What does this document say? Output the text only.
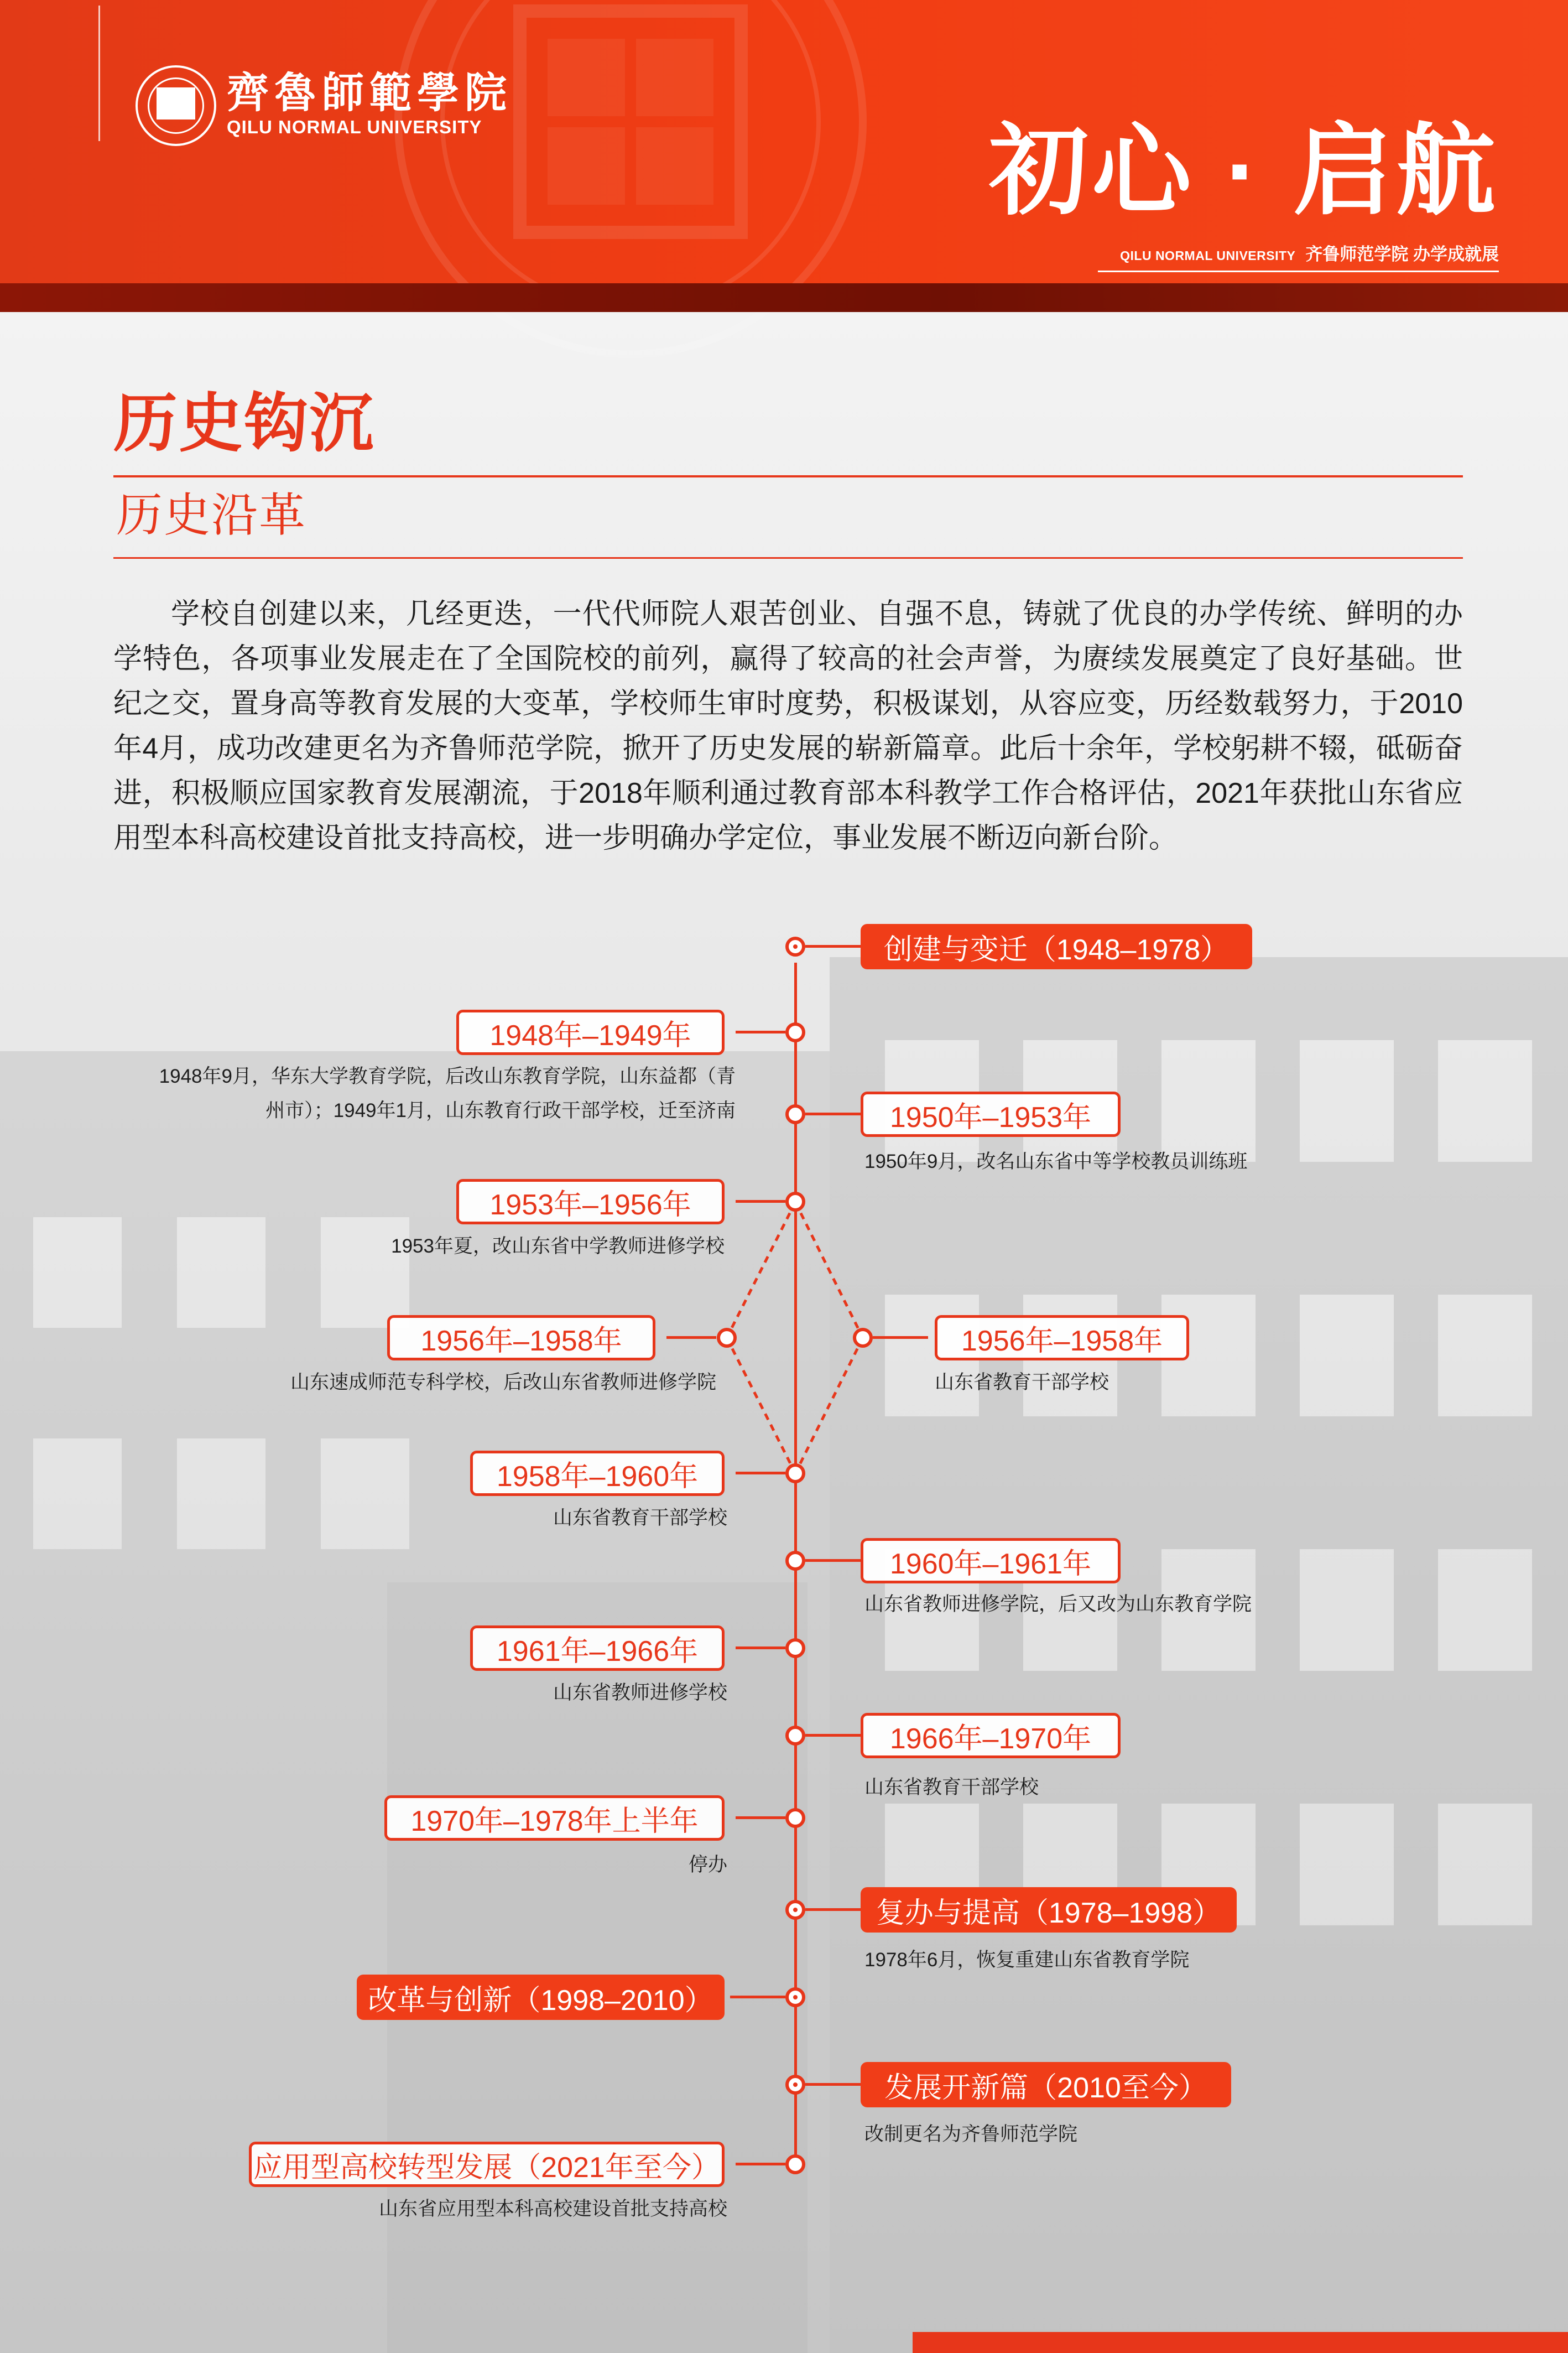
齊魯師範學院
QILU NORMAL UNIVERSITY	初心 · 启航
QILU NORMAL UNIVERSITY 齐鲁师范学院 办学成就展
历史钩沉
历史沿革

学校自创建以来，几经更迭，一代代师院人艰苦创业、自强不息，铸就了优良的办学传统、鲜明的办学特色，各项事业发展走在了全国院校的前列，赢得了较高的社会声誉，为赓续发展奠定了良好基础。世纪之交，置身高等教育发展的大变革，学校师生审时度势，积极谋划，从容应变，历经数载努力，于2010年4月，成功改建更名为齐鲁师范学院，掀开了历史发展的崭新篇章。此后十余年，学校躬耕不辍，砥砺奋进，积极顺应国家教育发展潮流，于2018年顺利通过教育部本科教学工作合格评估，2021年获批山东省应用型本科高校建设首批支持高校，进一步明确办学定位，事业发展不断迈向新台阶。

创建与变迁（1948–1978）
1948年–1949年
1948年9月，华东大学教育学院，后改山东教育学院，山东益都（青
州市）；1949年1月，山东教育行政干部学校，迁至济南	1950年–1953年
1950年9月，改名山东省中等学校教员训练班
1953年–1956年
1953年夏，改山东省中学教师进修学校
1956年–1958年
山东速成师范专科学校，后改山东省教师进修学院
1956年–1958年
山东省教育干部学校
1958年–1960年
山东省教育干部学校
1960年–1961年
山东省教师进修学院，后又改为山东教育学院
1961年–1966年
山东省教师进修学校
1966年–1970年
山东省教育干部学校
1970年–1978年上半年
停办
复办与提高（1978–1998）
1978年6月，恢复重建山东省教育学院
改革与创新（1998–2010）
发展开新篇（2010至今）
改制更名为齐鲁师范学院
应用型高校转型发展（2021年至今）
山东省应用型本科高校建设首批支持高校
